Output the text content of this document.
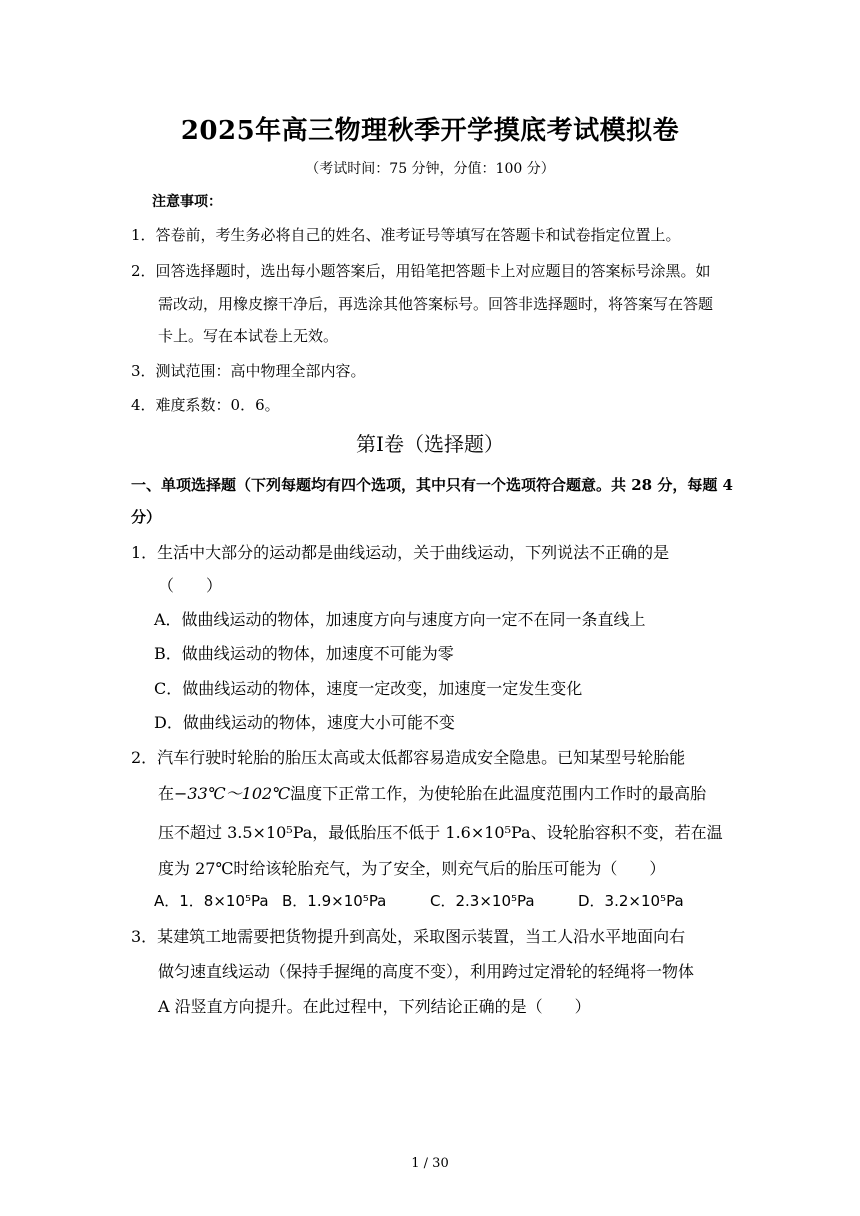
2025年高三物理秋季开学摸底考试模拟卷
（考试时间：75 分钟，分值：100 分）
注意事项：
1．答卷前，考生务必将自己的姓名、准考证号等填写在答题卡和试卷指定位置上。
2．回答选择题时，选出每小题答案后，用铅笔把答题卡上对应题目的答案标号涂黑。如
需改动，用橡皮擦干净后，再选涂其他答案标号。回答非选择题时，将答案写在答题
卡上。写在本试卷上无效。
3．测试范围：高中物理全部内容。
4．难度系数：0．6。
第Ⅰ卷（选择题）
一、单项选择题（下列每题均有四个选项，其中只有一个选项符合题意。共 28 分，每题 4
分）
1．生活中大部分的运动都是曲线运动，关于曲线运动，下列说法不正确的是
（　　）
A．做曲线运动的物体，加速度方向与速度方向一定不在同一条直线上
B．做曲线运动的物体，加速度不可能为零
C．做曲线运动的物体，速度一定改变，加速度一定发生变化
D．做曲线运动的物体，速度大小可能不变
2．汽车行驶时轮胎的胎压太高或太低都容易造成安全隐患。已知某型号轮胎能
在−33℃～102℃温度下正常工作，为使轮胎在此温度范围内工作时的最高胎
压不超过 3.5×10⁵Pa，最低胎压不低于 1.6×10⁵Pa、设轮胎容积不变，若在温
度为 27℃时给该轮胎充气，为了安全，则充气后的胎压可能为（　　）
A．1．8×10⁵Pa B．1.9×10⁵Pa	C．2.3×10⁵Pa	D．3.2×10⁵Pa
3．某建筑工地需要把货物提升到高处，采取图示装置，当工人沿水平地面向右
做匀速直线运动（保持手握绳的高度不变），利用跨过定滑轮的轻绳将一物体
A 沿竖直方向提升。在此过程中，下列结论正确的是（　　）
1 / 30
